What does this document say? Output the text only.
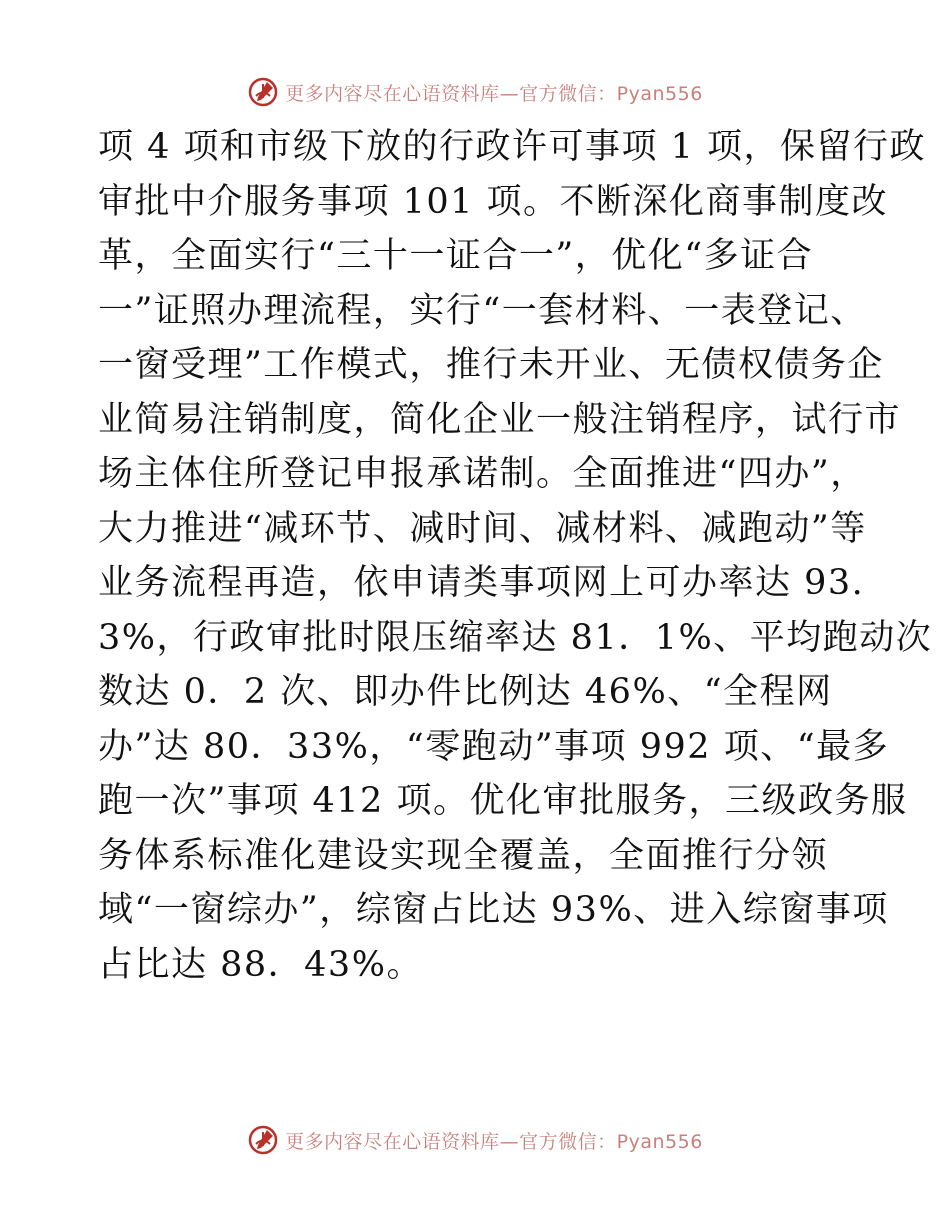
更多内容尽在心语资料库—官方微信：Pyan556
项 4 项和市级下放的行政许可事项 1 项，保留行政
审批中介服务事项 101 项。不断深化商事制度改
革，全面实行“三十一证合一”，优化“多证合
一”证照办理流程，实行“一套材料、一表登记、
一窗受理”工作模式，推行未开业、无债权债务企
业简易注销制度，简化企业一般注销程序，试行市
场主体住所登记申报承诺制。全面推进“四办”，
大力推进“减环节、减时间、减材料、减跑动”等
业务流程再造，依申请类事项网上可办率达 93.
3%，行政审批时限压缩率达 81．1%、平均跑动次
数达 0．2 次、即办件比例达 46%、“全程网
办”达 80．33%，“零跑动”事项 992 项、“最多
跑一次”事项 412 项。优化审批服务，三级政务服
务体系标准化建设实现全覆盖，全面推行分领
域“一窗综办”，综窗占比达 93%、进入综窗事项
占比达 88．43%。
更多内容尽在心语资料库—官方微信：Pyan556
